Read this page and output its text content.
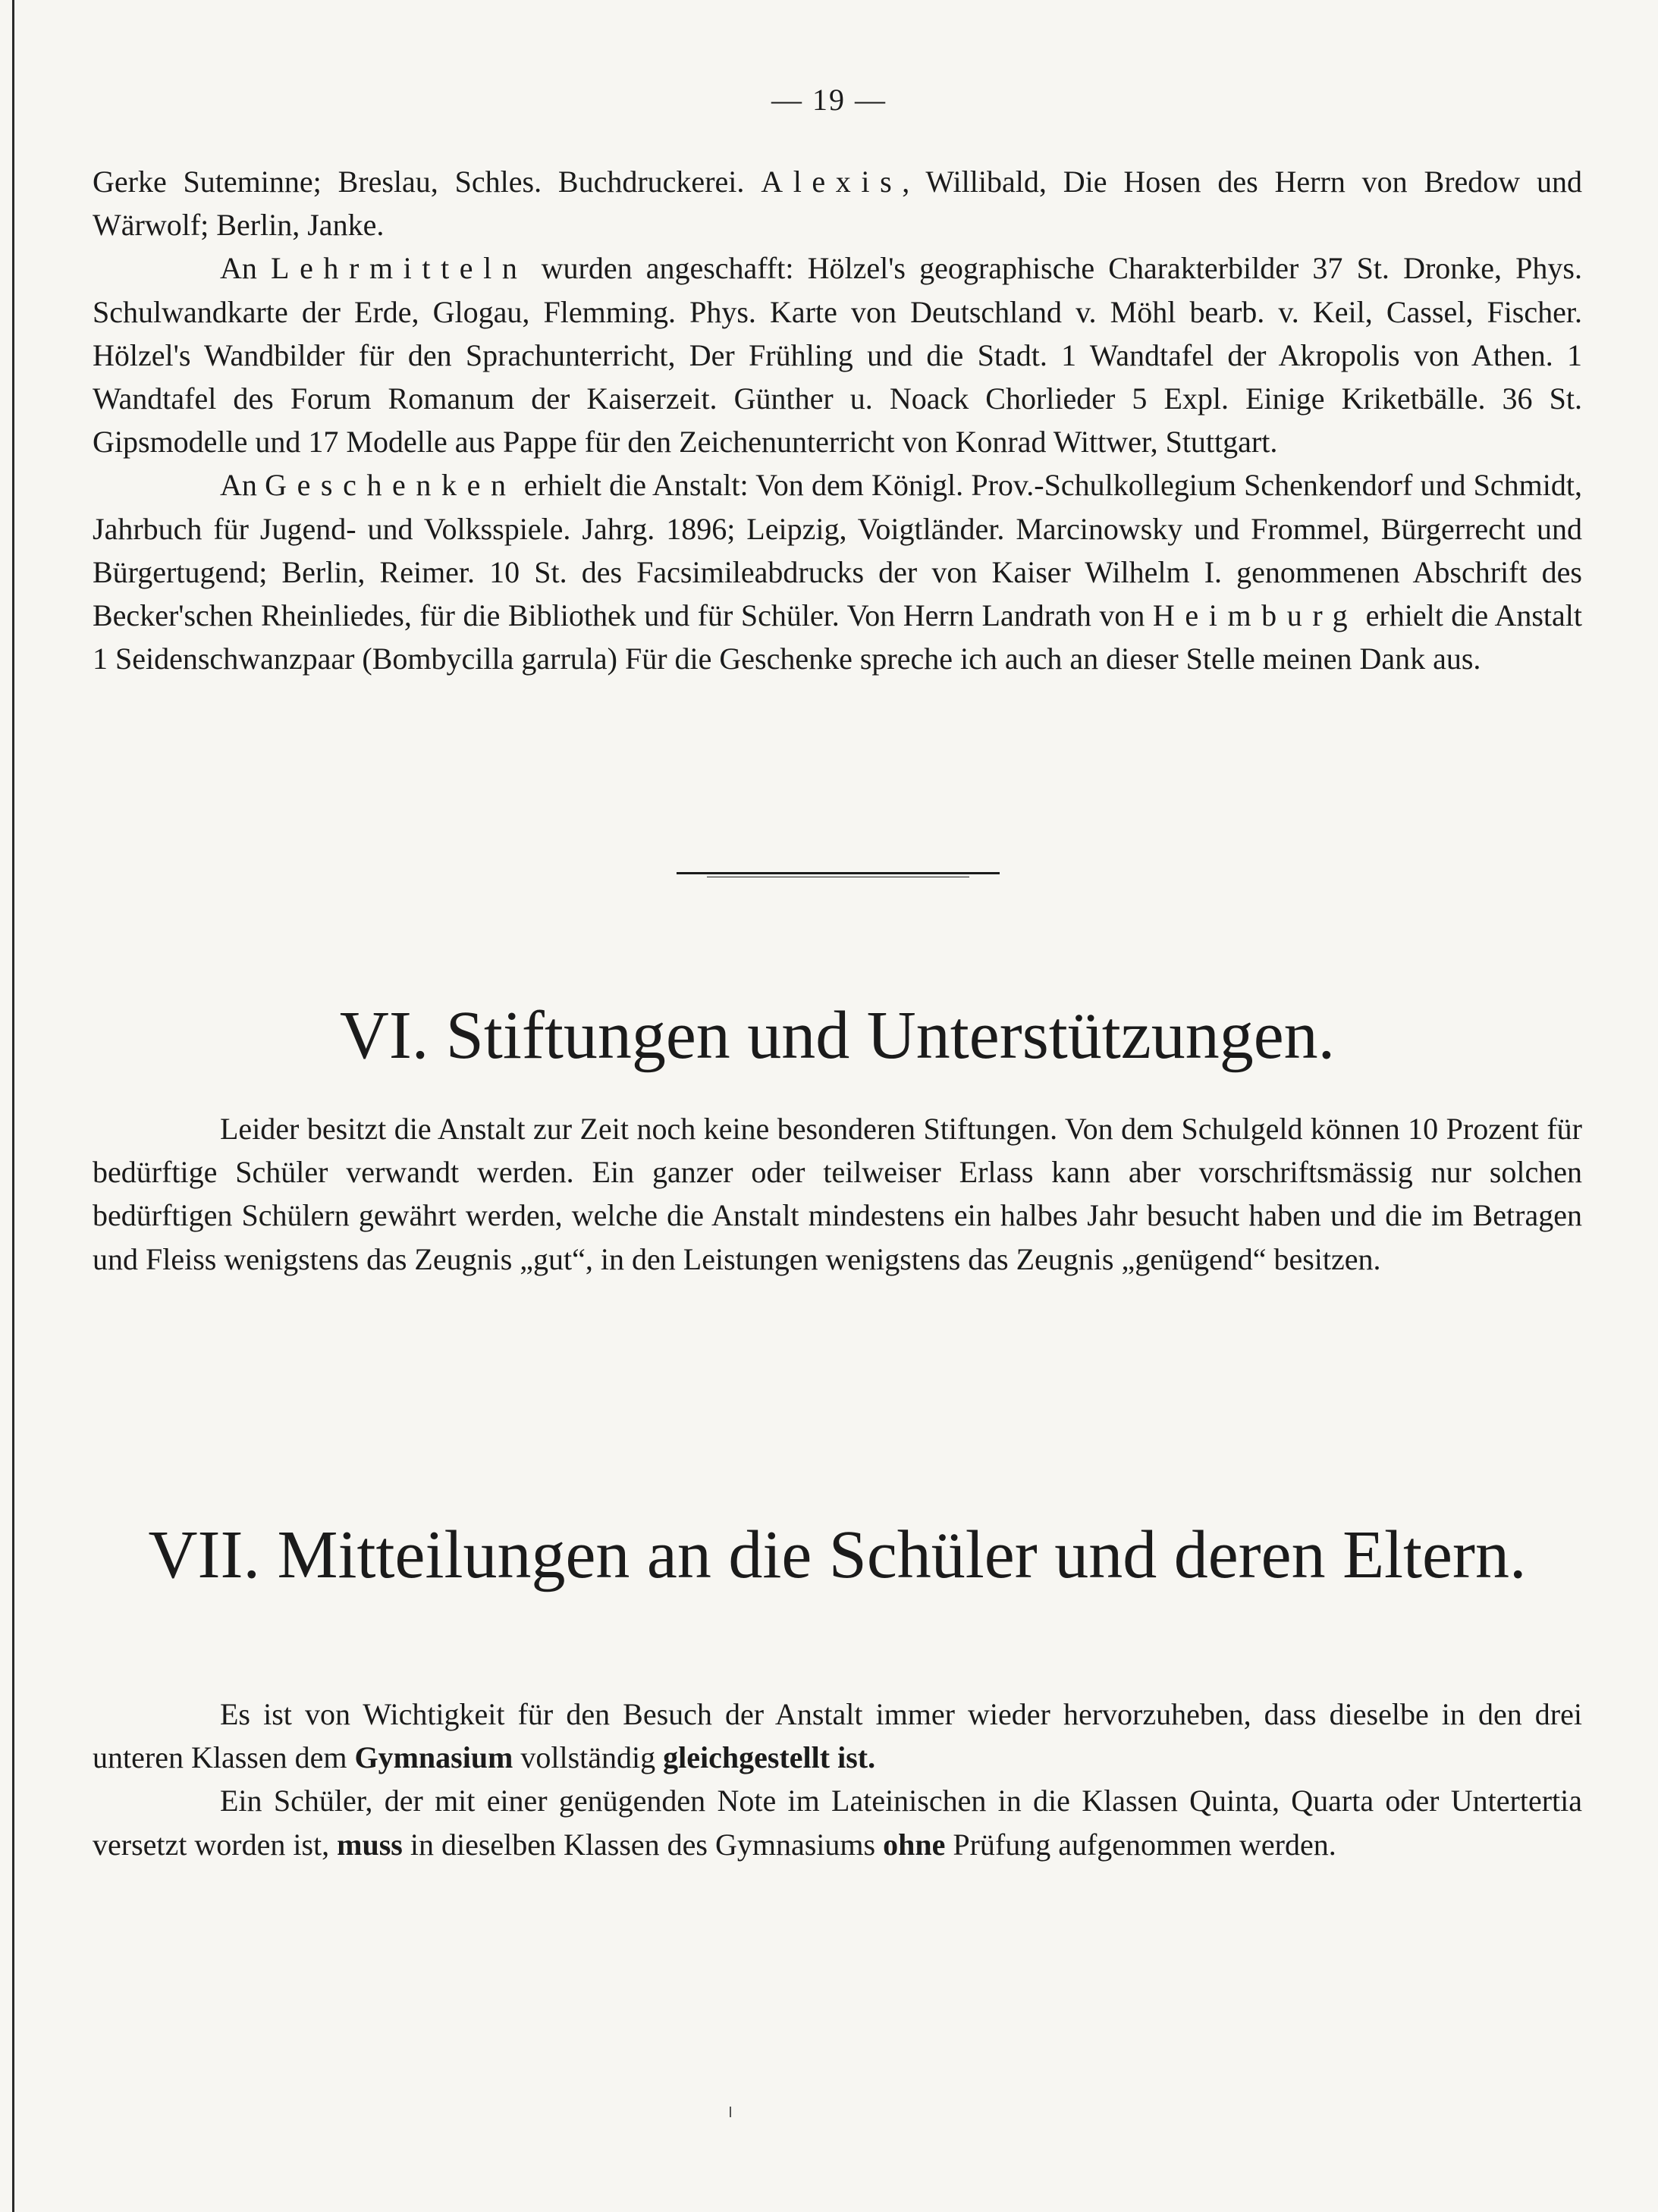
— 19 —

Gerke Suteminne; Breslau, Schles. Buchdruckerei. Alexis, Willibald, Die Hosen des Herrn von Bredow und Wärwolf; Berlin, Janke.

An Lehrmitteln wurden angeschafft: Hölzel's geographische Charakterbilder 37 St. Dronke, Phys. Schulwandkarte der Erde, Glogau, Flemming. Phys. Karte von Deutschland v. Möhl bearb. v. Keil, Cassel, Fischer. Hölzel's Wandbilder für den Sprachunterricht, Der Frühling und die Stadt. 1 Wandtafel der Akropolis von Athen. 1 Wandtafel des Forum Romanum der Kaiserzeit. Günther u. Noack Chorlieder 5 Expl. Einige Kriketbälle. 36 St. Gipsmodelle und 17 Modelle aus Pappe für den Zeichenunterricht von Konrad Wittwer, Stuttgart.

An Geschenken erhielt die Anstalt: Von dem Königl. Prov.-Schulkollegium Schenkendorf und Schmidt, Jahrbuch für Jugend- und Volksspiele. Jahrg. 1896; Leipzig, Voigtländer. Marcinowsky und Frommel, Bürgerrecht und Bürgertugend; Berlin, Reimer. 10 St. des Facsimileabdrucks der von Kaiser Wilhelm I. genommenen Abschrift des Becker'schen Rheinliedes, für die Bibliothek und für Schüler. Von Herrn Landrath von Heimburg erhielt die Anstalt 1 Seidenschwanzpaar (Bombycilla garrula) Für die Geschenke spreche ich auch an dieser Stelle meinen Dank aus.

VI. Stiftungen und Unterstützungen.

Leider besitzt die Anstalt zur Zeit noch keine besonderen Stiftungen. Von dem Schulgeld können 10 Prozent für bedürftige Schüler verwandt werden. Ein ganzer oder teilweiser Erlass kann aber vorschriftsmässig nur solchen bedürftigen Schülern gewährt werden, welche die Anstalt mindestens ein halbes Jahr besucht haben und die im Betragen und Fleiss wenigstens das Zeugnis „gut“, in den Leistungen wenigstens das Zeugnis „genügend“ besitzen.

VII. Mitteilungen an die Schüler und deren Eltern.

Es ist von Wichtigkeit für den Besuch der Anstalt immer wieder hervorzuheben, dass dieselbe in den drei unteren Klassen dem Gymnasium vollständig gleichgestellt ist.

Ein Schüler, der mit einer genügenden Note im Lateinischen in die Klassen Quinta, Quarta oder Untertertia versetzt worden ist, muss in dieselben Klassen des Gymnasiums ohne Prüfung aufgenommen werden.
